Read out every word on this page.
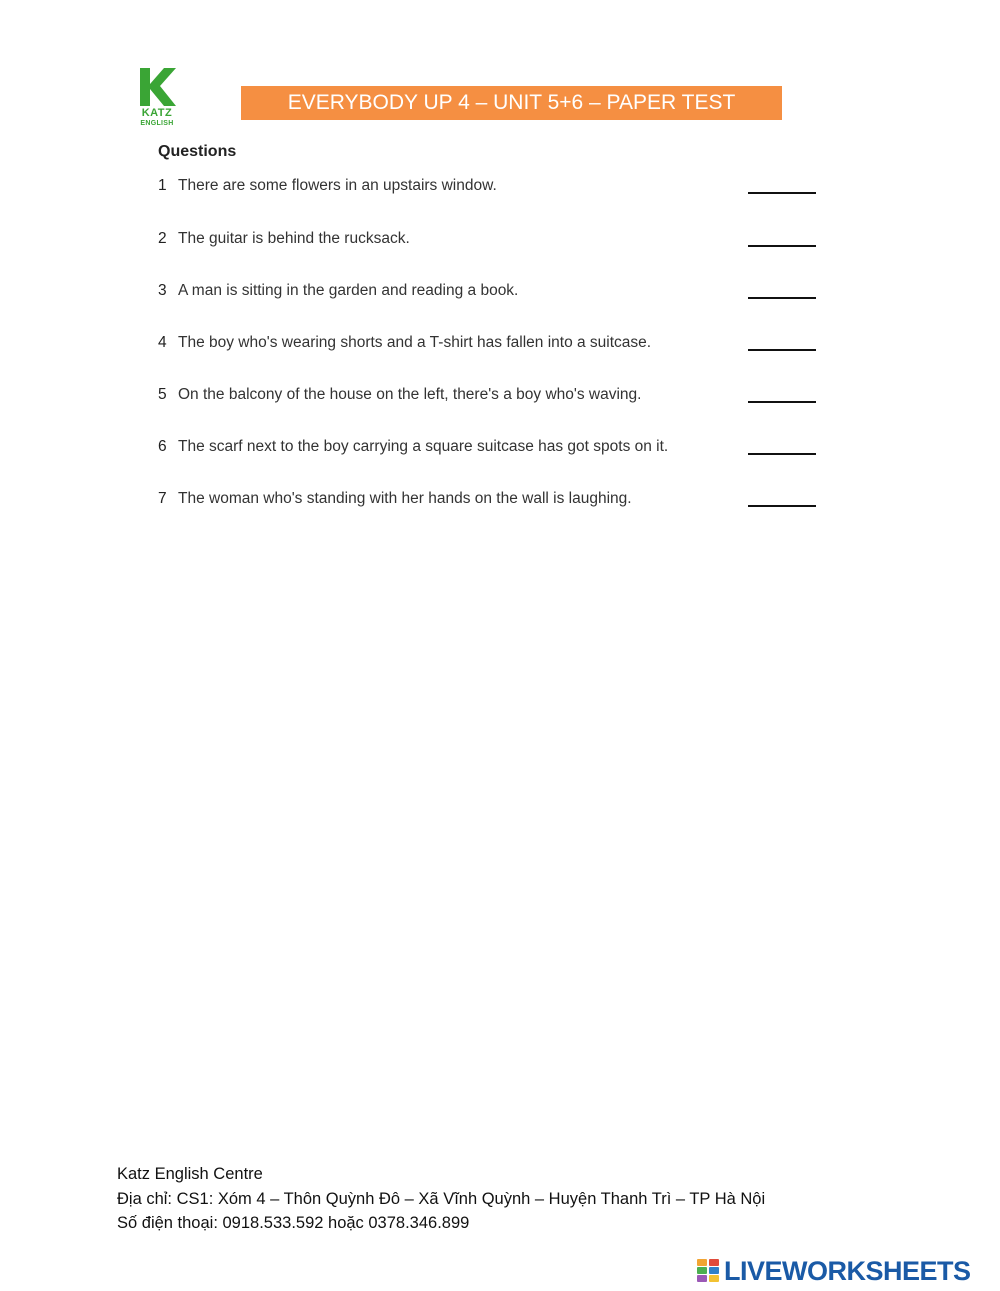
KATZ
ENGLISH
EVERYBODY UP 4 – UNIT 5+6 – PAPER TEST
Questions
1 There are some flowers in an upstairs window.
2 The guitar is behind the rucksack.
3 A man is sitting in the garden and reading a book.
4 The boy who's wearing shorts and a T-shirt has fallen into a suitcase.
5 On the balcony of the house on the left, there's a boy who's waving.
6 The scarf next to the boy carrying a square suitcase has got spots on it.
7 The woman who's standing with her hands on the wall is laughing.
Katz English Centre
Địa chỉ: CS1: Xóm 4 – Thôn Quỳnh Đô – Xã Vĩnh Quỳnh – Huyện Thanh Trì – TP Hà Nội
Số điện thoại: 0918.533.592 hoặc 0378.346.899
LIVEWORKSHEETS
